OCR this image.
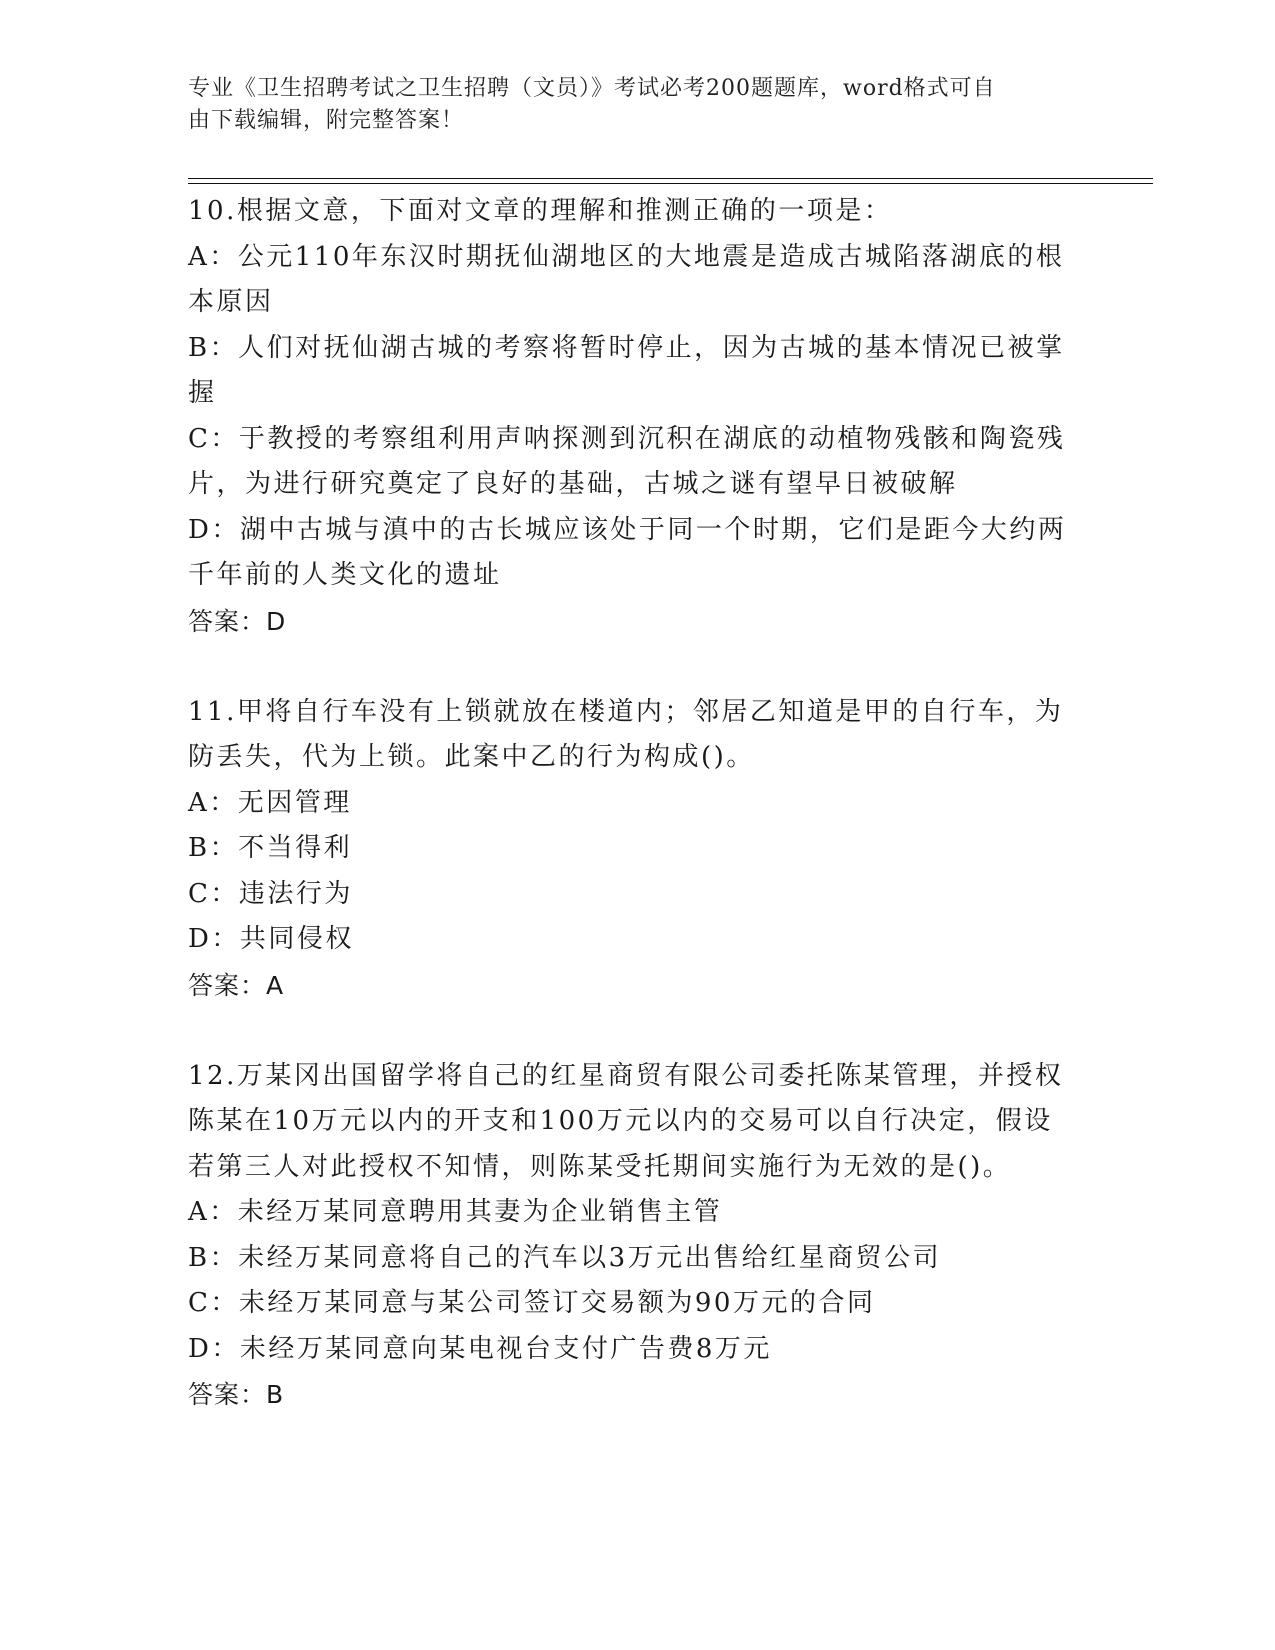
专业《卫生招聘考试之卫生招聘（文员）》考试必考200题题库，word格式可自
由下载编辑，附完整答案！

10.根据文意，下面对文章的理解和推测正确的一项是：

A：公元110年东汉时期抚仙湖地区的大地震是造成古城陷落湖底的根本原因

B：人们对抚仙湖古城的考察将暂时停止，因为古城的基本情况已被掌握

C：于教授的考察组利用声呐探测到沉积在湖底的动植物残骸和陶瓷残片，为进行研究奠定了良好的基础，古城之谜有望早日被破解

D：湖中古城与滇中的古长城应该处于同一个时期，它们是距今大约两千年前的人类文化的遗址

答案：D

11.甲将自行车没有上锁就放在楼道内；邻居乙知道是甲的自行车，为防丢失，代为上锁。此案中乙的行为构成()。

A：无因管理

B：不当得利

C：违法行为

D：共同侵权

答案：A

12.万某冈出国留学将自己的红星商贸有限公司委托陈某管理，并授权陈某在10万元以内的开支和100万元以内的交易可以自行决定，假设若第三人对此授权不知情，则陈某受托期间实施行为无效的是()。

A：未经万某同意聘用其妻为企业销售主管

B：未经万某同意将自己的汽车以3万元出售给红星商贸公司

C：未经万某同意与某公司签订交易额为90万元的合同

D：未经万某同意向某电视台支付广告费8万元

答案：B
